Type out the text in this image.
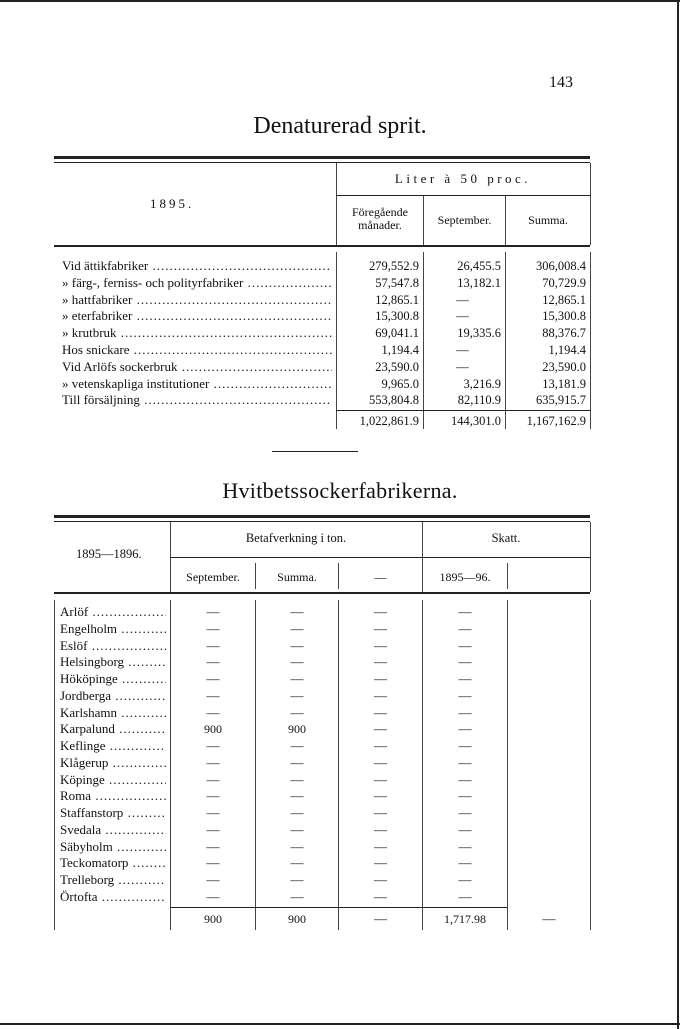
143
Denaturerad sprit.
1895.
Liter à 50 proc.
Föregående månader.	September.	Summa.
Vid ättikfabriker .....	279,552.9	26,455.5	306,008.4
» färg-, ferniss- och polityrfabriker .....	57,547.8	13,182.1	70,729.9
» hattfabriker .....	12,865.1	—	12,865.1
» eterfabriker .....	15,300.8	—	15,300.8
» krutbruk .....	69,041.1	19,335.6	88,376.7
Hos snickare .....	1,194.4	—	1,194.4
Vid Arlöfs sockerbruk .....	23,590.0	—	23,590.0
» vetenskapliga institutioner .....	9,965.0	3,216.9	13,181.9
Till försäljning .....	553,804.8	82,110.9	635,915.7
1,022,861.9	144,301.0	1,167,162.9
Hvitbetssockerfabrikerna.
1895—1896.
Betafverkning i ton.	Skatt.
September.	Summa.	—	1895—96.
Arlöf .....	—	—	—	—
Engelholm .....	—	—	—	—
Eslöf .....	—	—	—	—
Helsingborg .....	—	—	—	—
Hököpinge .....	—	—	—	—
Jordberga .....	—	—	—	—
Karlshamn .....	—	—	—	—
Karpalund .....	900	900	—	—
Keflinge .....	—	—	—	—
Klågerup .....	—	—	—	—
Köpinge .....	—	—	—	—
Roma .....	—	—	—	—
Staffanstorp .....	—	—	—	—
Svedala .....	—	—	—	—
Säbyholm .....	—	—	—	—
Teckomatorp .....	—	—	—	—
Trelleborg .....	—	—	—	—
Örtofta .....	—	—	—	—
900	900	—	1,717.98	—
